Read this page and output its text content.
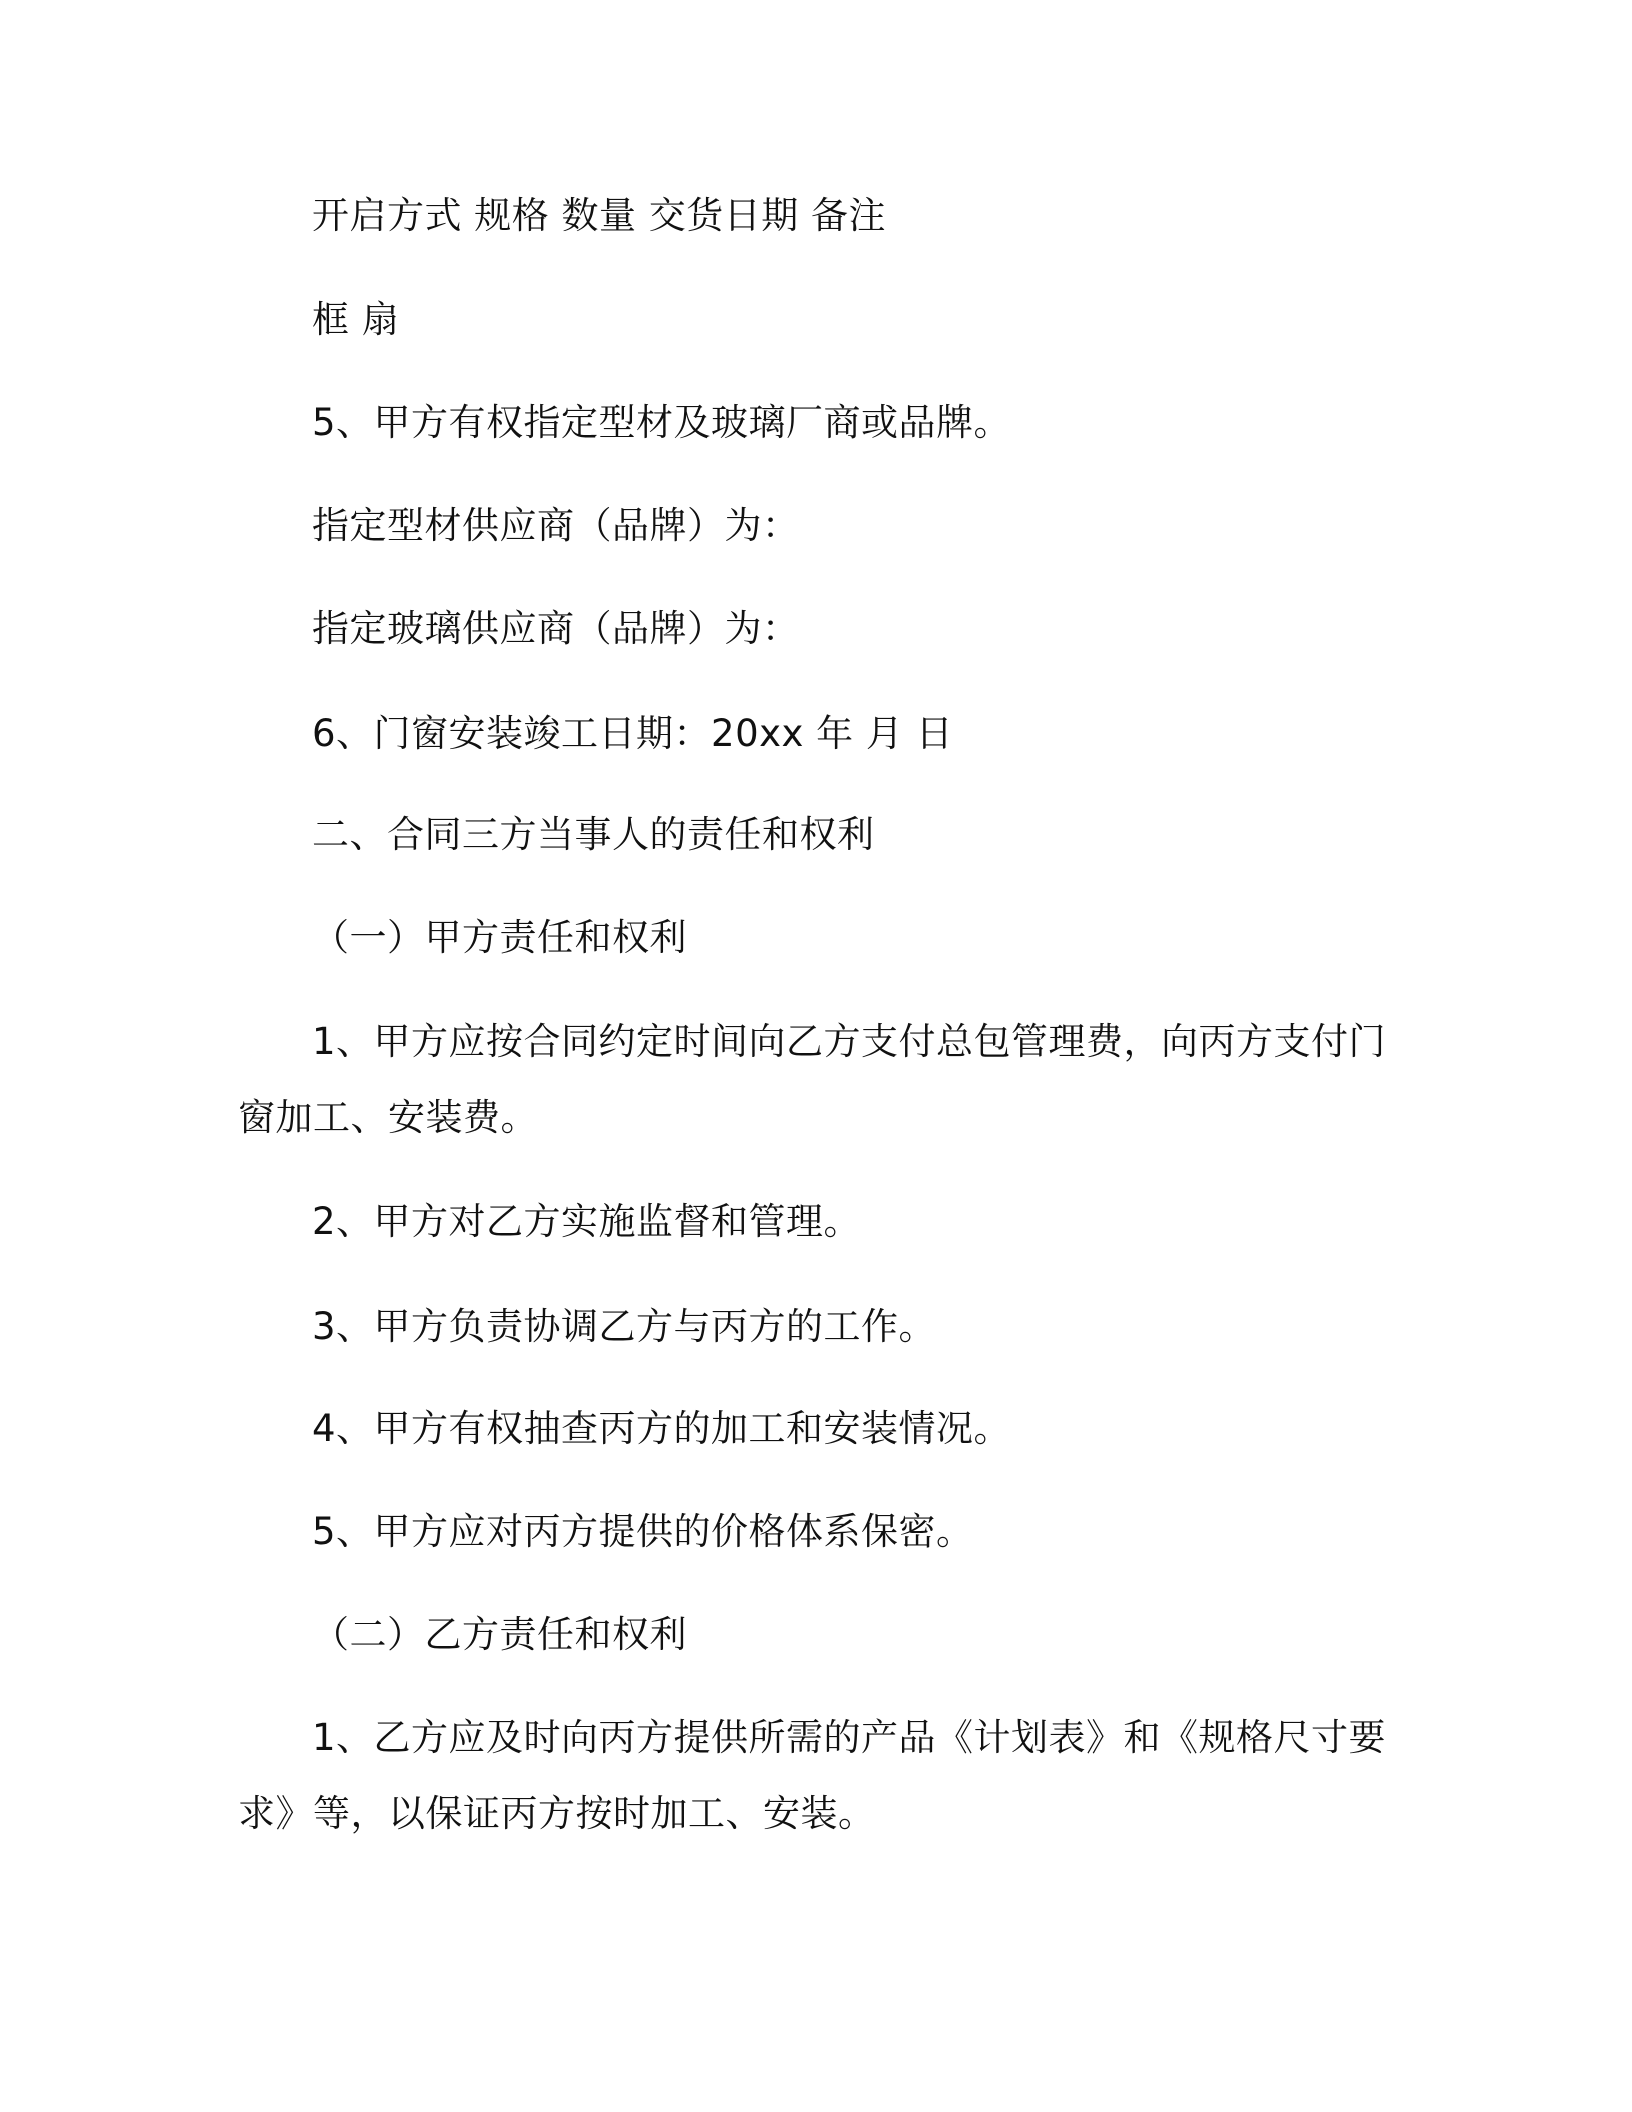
开启方式 规格 数量 交货日期 备注
框 扇
5、甲方有权指定型材及玻璃厂商或品牌。
指定型材供应商（品牌）为：
指定玻璃供应商（品牌）为：
6、门窗安装竣工日期：20xx 年 月 日
二、合同三方当事人的责任和权利
（一）甲方责任和权利
1、甲方应按合同约定时间向乙方支付总包管理费，向丙方支付门
窗加工、安装费。
2、甲方对乙方实施监督和管理。
3、甲方负责协调乙方与丙方的工作。
4、甲方有权抽查丙方的加工和安装情况。
5、甲方应对丙方提供的价格体系保密。
（二）乙方责任和权利
1、乙方应及时向丙方提供所需的产品《计划表》和《规格尺寸要
求》等，以保证丙方按时加工、安装。
